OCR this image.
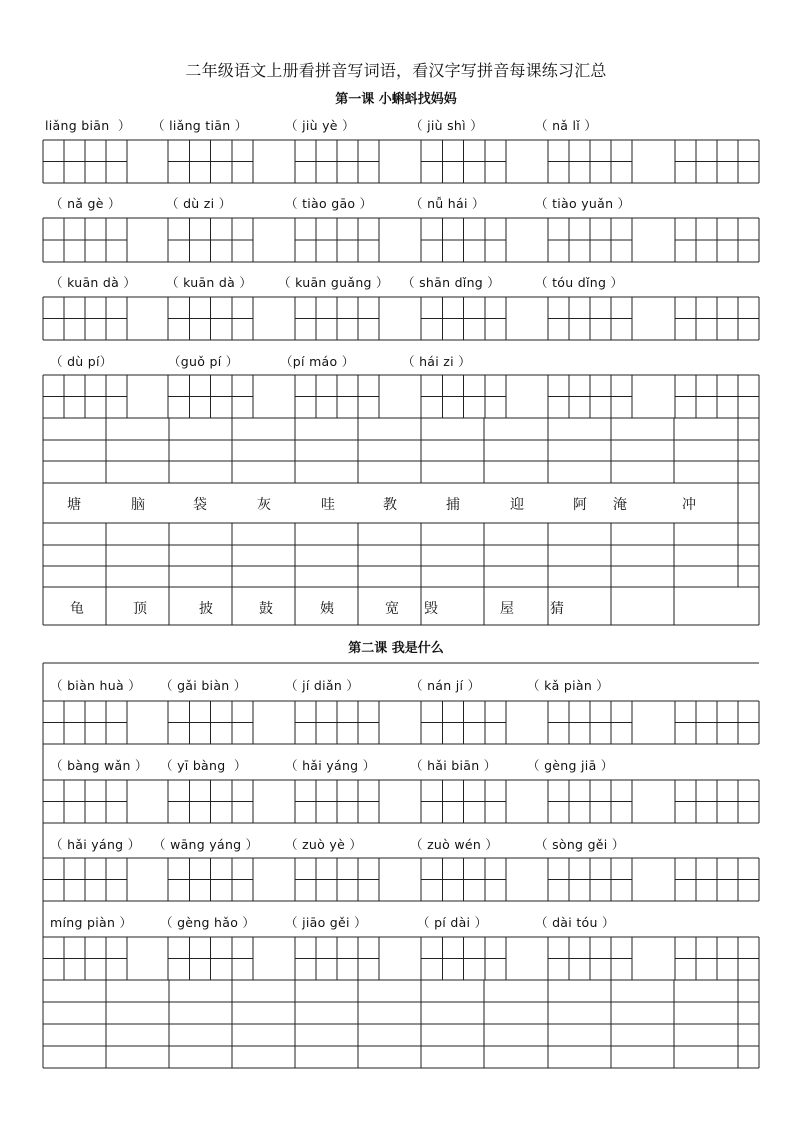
二年级语文上册看拼音写词语，看汉字写拼音每课练习汇总
第一课 小蝌蚪找妈妈
第二课 我是什么
liǎng biān  ） （ liǎng tiān ）	（ jiù yè ）	（ jiù shì ）	（ nǎ lǐ ）
（ nǎ gè ）	（ dù zi ）	（ tiào gāo ）	（ nǚ hái ）	（ tiào yuǎn ）
（ kuān dà ） （ kuān dà ） （ kuān guǎng ） （ shān dǐng ）	（ tóu dǐng ）
（ dù pí）	（guǒ pí ）	（pí máo ）	（ hái zi ）
塘	脑	袋	灰	哇	教	捕	迎	阿 淹	冲
龟	顶	披	鼓	姨	宽 毁	屋	猜
（ biàn huà ） （ gǎi biàn ）	（ jí diǎn ）	（ nán jí ）	（ kǎ piàn ）
（ bàng wǎn ） （ yī bàng  ）	（ hǎi yáng ）	（ hǎi biān ） （ gèng jiā ）
（ hǎi yáng ） （ wāng yáng ） （ zuò yè ）	（ zuò wén ）	（ sòng gěi ）
míng piàn ） （ gèng hǎo ） （ jiāo gěi ）	（ pí dài ）	（ dài tóu ）
